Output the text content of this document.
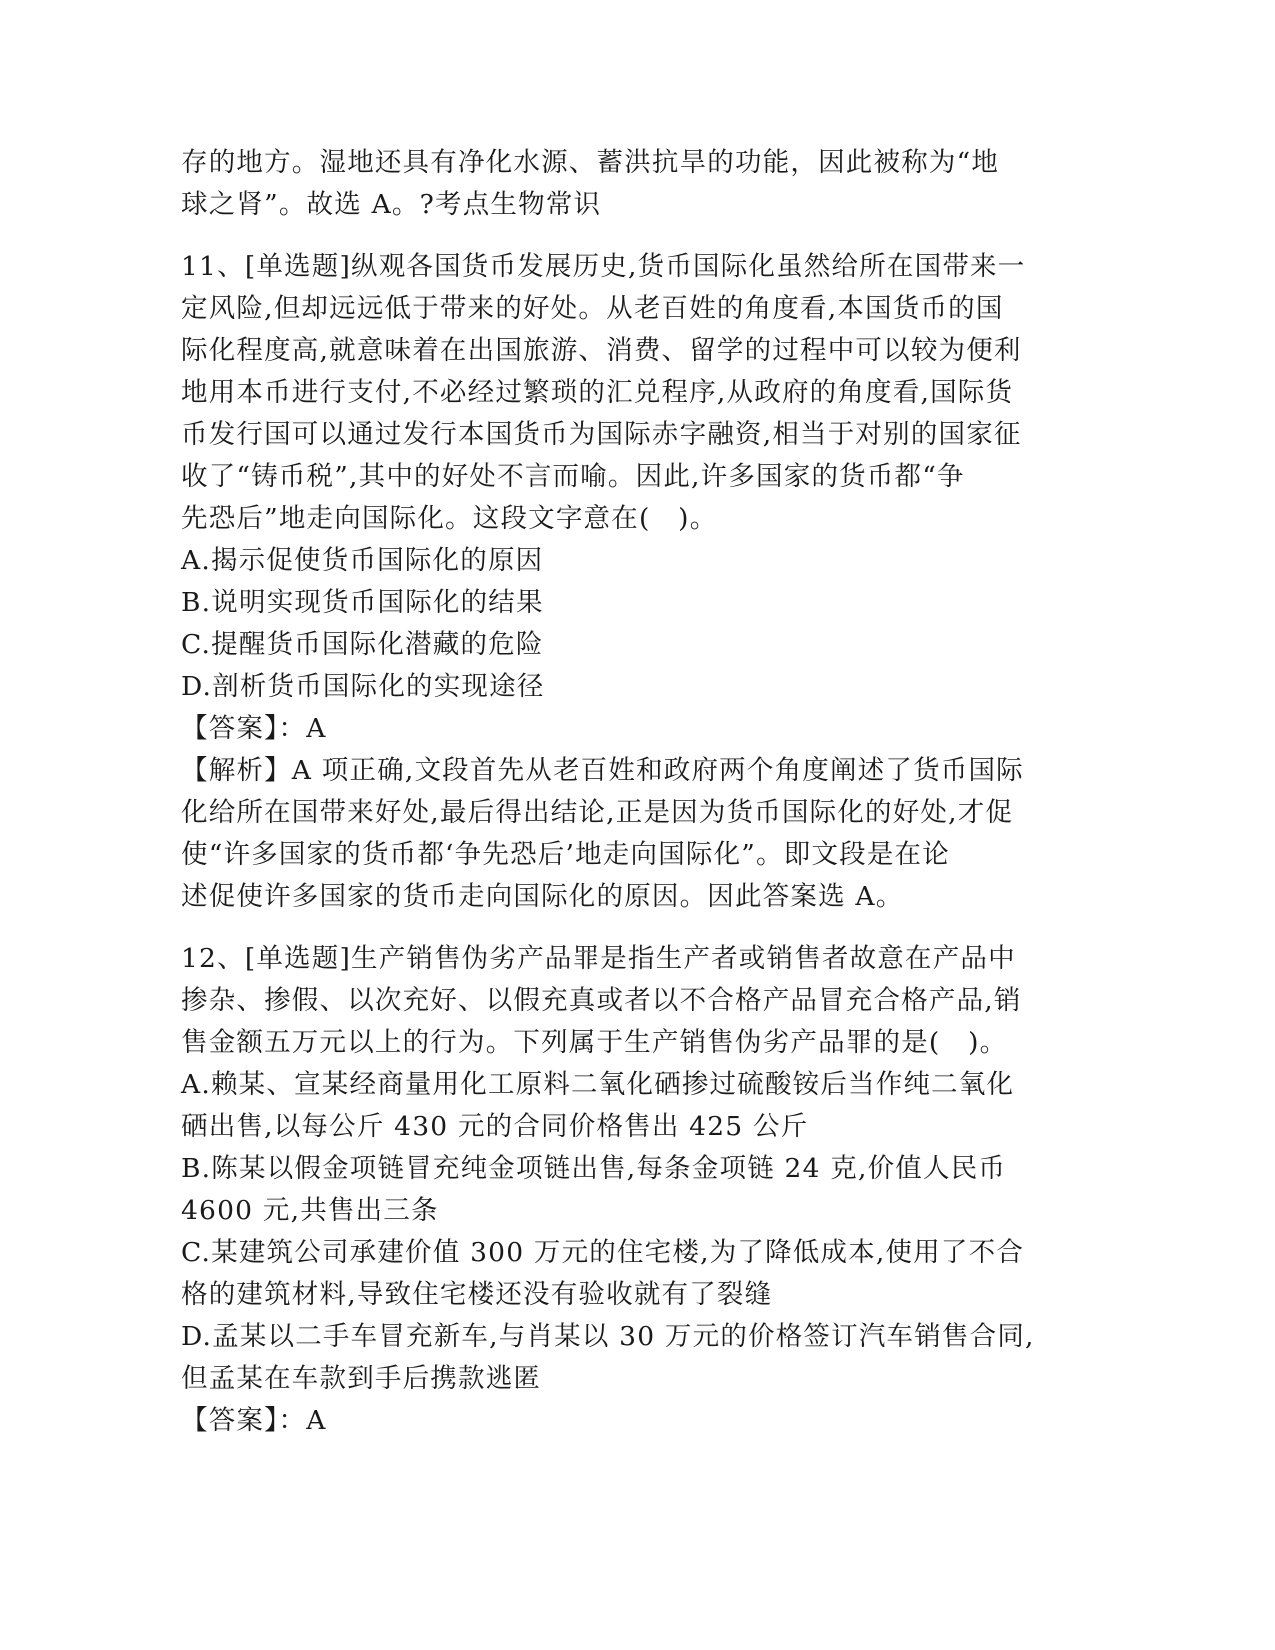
存的地方。湿地还具有净化水源、蓄洪抗旱的功能，因此被称为“地
球之肾”。故选 A。?考点生物常识
11、[单选题]纵观各国货币发展历史,货币国际化虽然给所在国带来一
定风险,但却远远低于带来的好处。从老百姓的角度看,本国货币的国
际化程度高,就意味着在出国旅游、消费、留学的过程中可以较为便利
地用本币进行支付,不必经过繁琐的汇兑程序,从政府的角度看,国际货
币发行国可以通过发行本国货币为国际赤字融资,相当于对别的国家征
收了“铸币税”,其中的好处不言而喻。因此,许多国家的货币都“争
先恐后”地走向国际化。这段文字意在(　)。
A.揭示促使货币国际化的原因
B.说明实现货币国际化的结果
C.提醒货币国际化潜藏的危险
D.剖析货币国际化的实现途径
【答案】：A
【解析】A 项正确,文段首先从老百姓和政府两个角度阐述了货币国际
化给所在国带来好处,最后得出结论,正是因为货币国际化的好处,才促
使“许多国家的货币都‘争先恐后’地走向国际化”。即文段是在论
述促使许多国家的货币走向国际化的原因。因此答案选 A。
12、[单选题]生产销售伪劣产品罪是指生产者或销售者故意在产品中
掺杂、掺假、以次充好、以假充真或者以不合格产品冒充合格产品,销
售金额五万元以上的行为。下列属于生产销售伪劣产品罪的是(　)。
A.赖某、宣某经商量用化工原料二氧化硒掺过硫酸铵后当作纯二氧化
硒出售,以每公斤 430 元的合同价格售出 425 公斤
B.陈某以假金项链冒充纯金项链出售,每条金项链 24 克,价值人民币
4600 元,共售出三条
C.某建筑公司承建价值 300 万元的住宅楼,为了降低成本,使用了不合
格的建筑材料,导致住宅楼还没有验收就有了裂缝
D.孟某以二手车冒充新车,与肖某以 30 万元的价格签订汽车销售合同,
但孟某在车款到手后携款逃匿
【答案】：A
